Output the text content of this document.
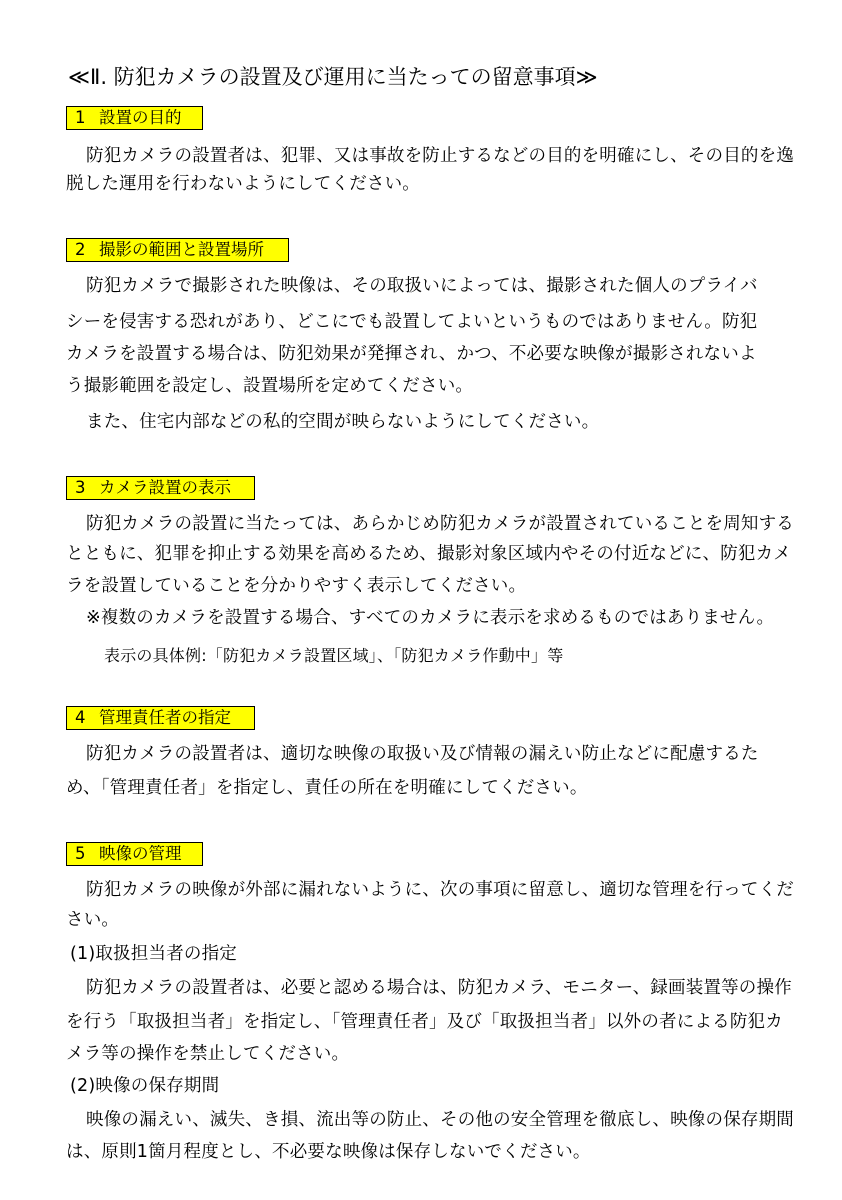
≪Ⅱ. 防犯カメラの設置及び運用に当たっての留意事項≫
1 設置の目的
防犯カメラの設置者は、犯罪、又は事故を防止するなどの目的を明確にし、その目的を逸
脱した運用を行わないようにしてください。
2 撮影の範囲と設置場所
防犯カメラで撮影された映像は、その取扱いによっては、撮影された個人のプライバ
シーを侵害する恐れがあり、どこにでも設置してよいというものではありません。防犯
カメラを設置する場合は、防犯効果が発揮され、かつ、不必要な映像が撮影されないよ
う撮影範囲を設定し、設置場所を定めてください。
また、住宅内部などの私的空間が映らないようにしてください。
3 カメラ設置の表示
防犯カメラの設置に当たっては、あらかじめ防犯カメラが設置されていることを周知する
とともに、犯罪を抑止する効果を高めるため、撮影対象区域内やその付近などに、防犯カメ
ラを設置していることを分かりやすく表示してください。
※複数のカメラを設置する場合、すべてのカメラに表示を求めるものではありません。
表示の具体例:「防犯カメラ設置区域」、「防犯カメラ作動中」等
4 管理責任者の指定
防犯カメラの設置者は、適切な映像の取扱い及び情報の漏えい防止などに配慮するた
め、「管理責任者」を指定し、責任の所在を明確にしてください。
5 映像の管理
防犯カメラの映像が外部に漏れないように、次の事項に留意し、適切な管理を行ってくだ
さい。
(1)取扱担当者の指定
防犯カメラの設置者は、必要と認める場合は、防犯カメラ、モニター、録画装置等の操作
を行う「取扱担当者」を指定し、「管理責任者」及び「取扱担当者」以外の者による防犯カ
メラ等の操作を禁止してください。
(2)映像の保存期間
映像の漏えい、滅失、き損、流出等の防止、その他の安全管理を徹底し、映像の保存期間
は、原則1箇月程度とし、不必要な映像は保存しないでください。
